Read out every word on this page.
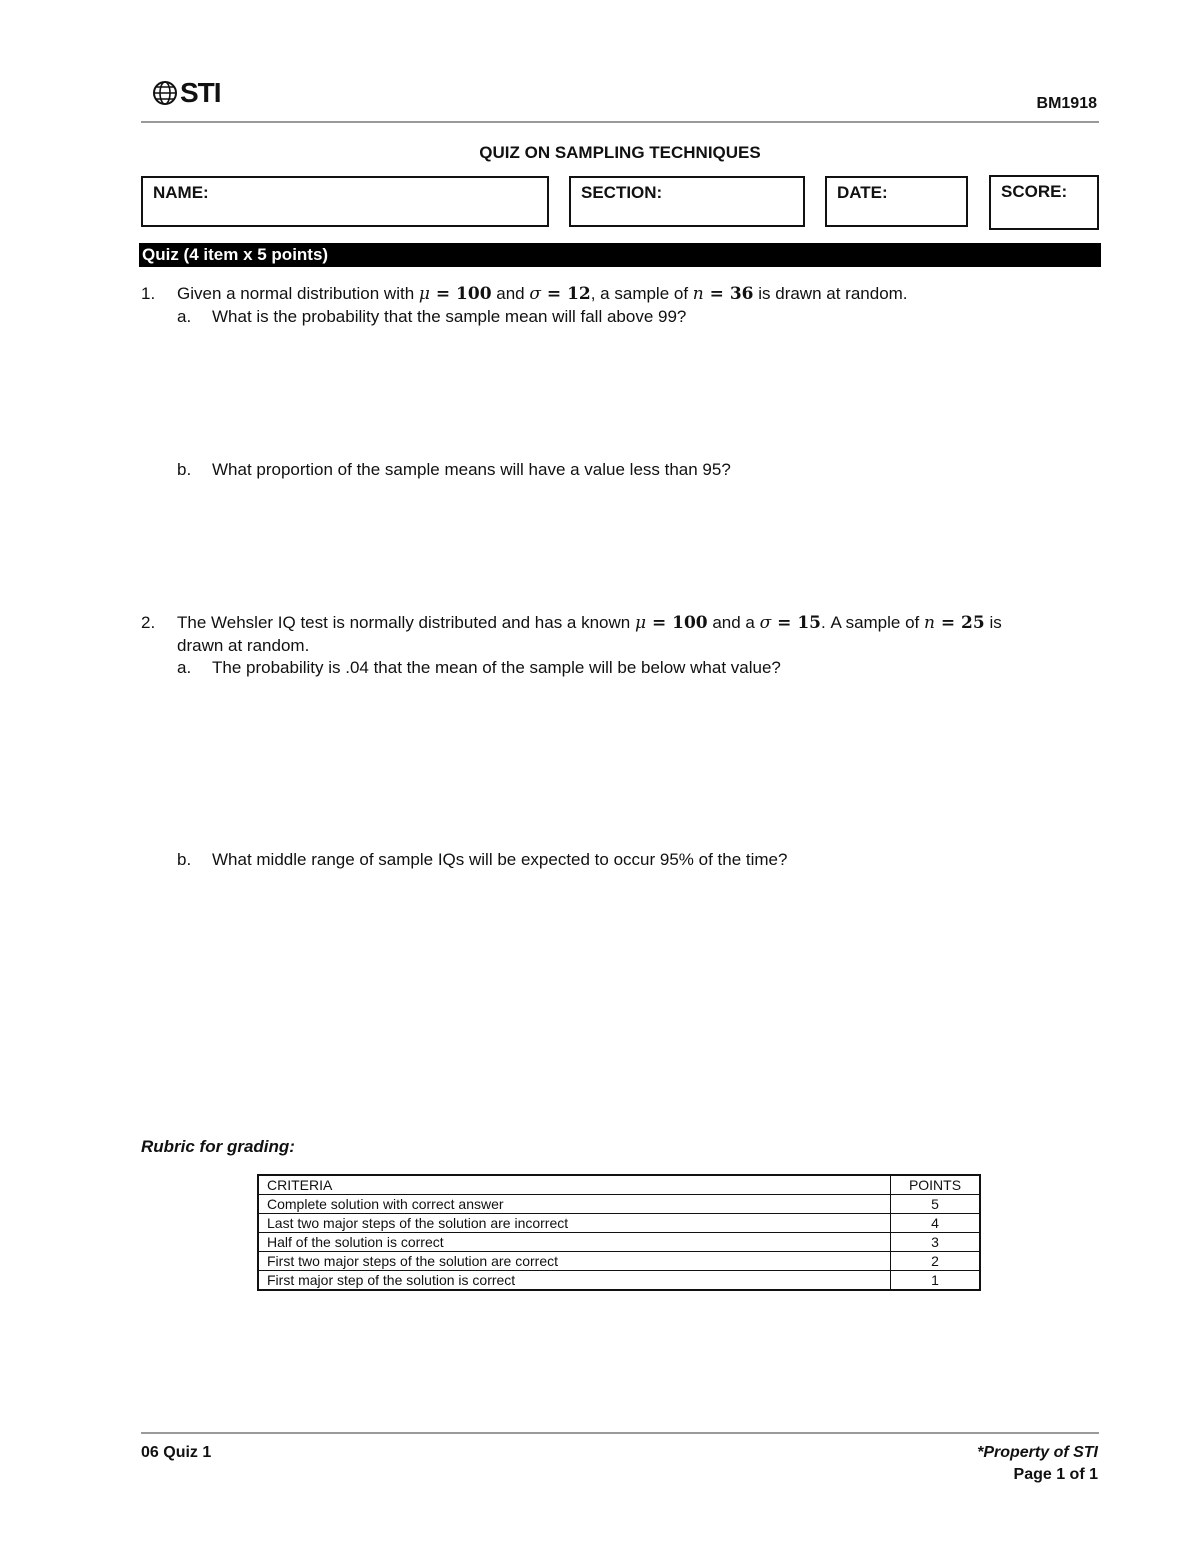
STI	BM1918
QUIZ ON SAMPLING TECHNIQUES
NAME:	SECTION:	DATE:	SCORE:
Quiz (4 item x 5 points)
1. Given a normal distribution with μ = 100 and σ = 12, a sample of n = 36 is drawn at random.
a. What is the probability that the sample mean will fall above 99?
b. What proportion of the sample means will have a value less than 95?
2. The Wehsler IQ test is normally distributed and has a known μ = 100 and a σ = 15. A sample of n = 25 is
drawn at random.
a. The probability is .04 that the mean of the sample will be below what value?
b. What middle range of sample IQs will be expected to occur 95% of the time?
Rubric for grading:
CRITERIA	POINTS
Complete solution with correct answer	5
Last two major steps of the solution are incorrect	4
Half of the solution is correct	3
First two major steps of the solution are correct	2
First major step of the solution is correct	1
06 Quiz 1	*Property of STI
Page 1 of 1
